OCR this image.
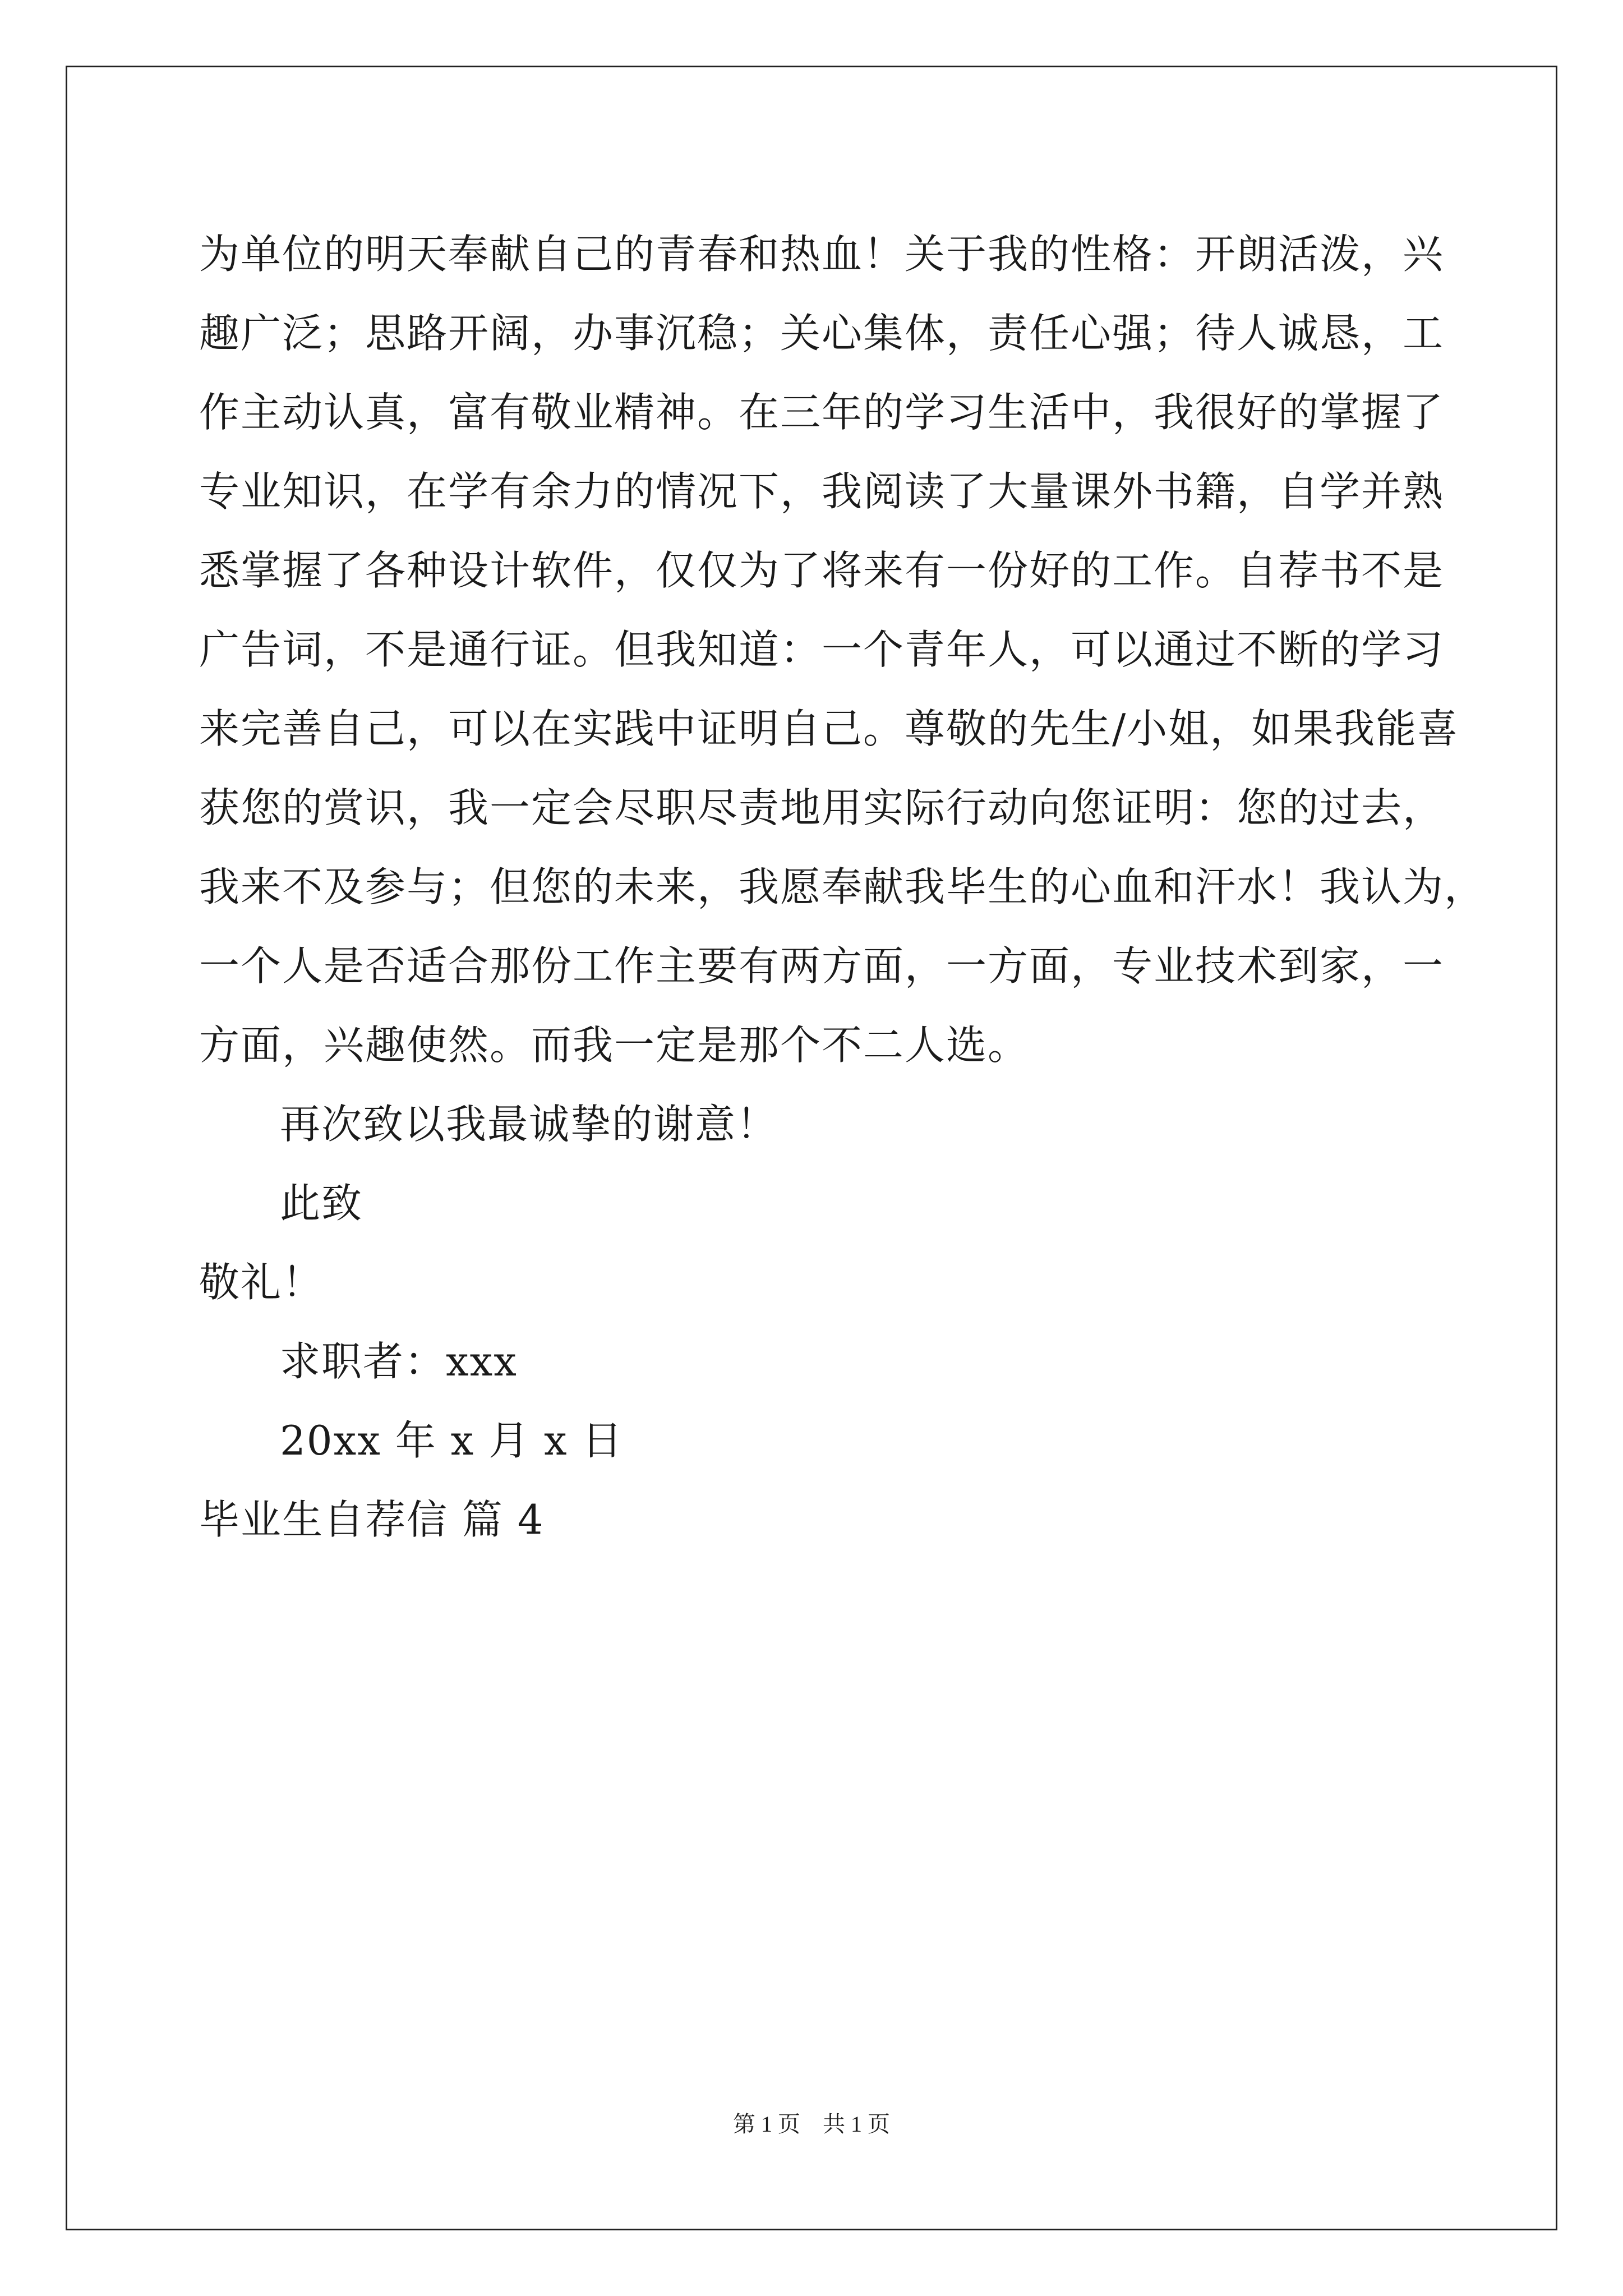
为单位的明天奉献自己的青春和热血！关于我的性格：开朗活泼，兴
趣广泛；思路开阔，办事沉稳；关心集体，责任心强；待人诚恳，工
作主动认真，富有敬业精神。在三年的学习生活中，我很好的掌握了
专业知识，在学有余力的情况下，我阅读了大量课外书籍，自学并熟
悉掌握了各种设计软件，仅仅为了将来有一份好的工作。自荐书不是
广告词，不是通行证。但我知道：一个青年人，可以通过不断的学习
来完善自己，可以在实践中证明自己。尊敬的先生/小姐，如果我能喜
获您的赏识，我一定会尽职尽责地用实际行动向您证明：您的过去，
我来不及参与；但您的未来，我愿奉献我毕生的心血和汗水！我认为，
一个人是否适合那份工作主要有两方面，一方面，专业技术到家，一
方面，兴趣使然。而我一定是那个不二人选。
再次致以我最诚挚的谢意！
此致
敬礼！
求职者：xxx
20xx 年 x 月 x 日
毕业生自荐信 篇 4
第 1 页　共 1 页
